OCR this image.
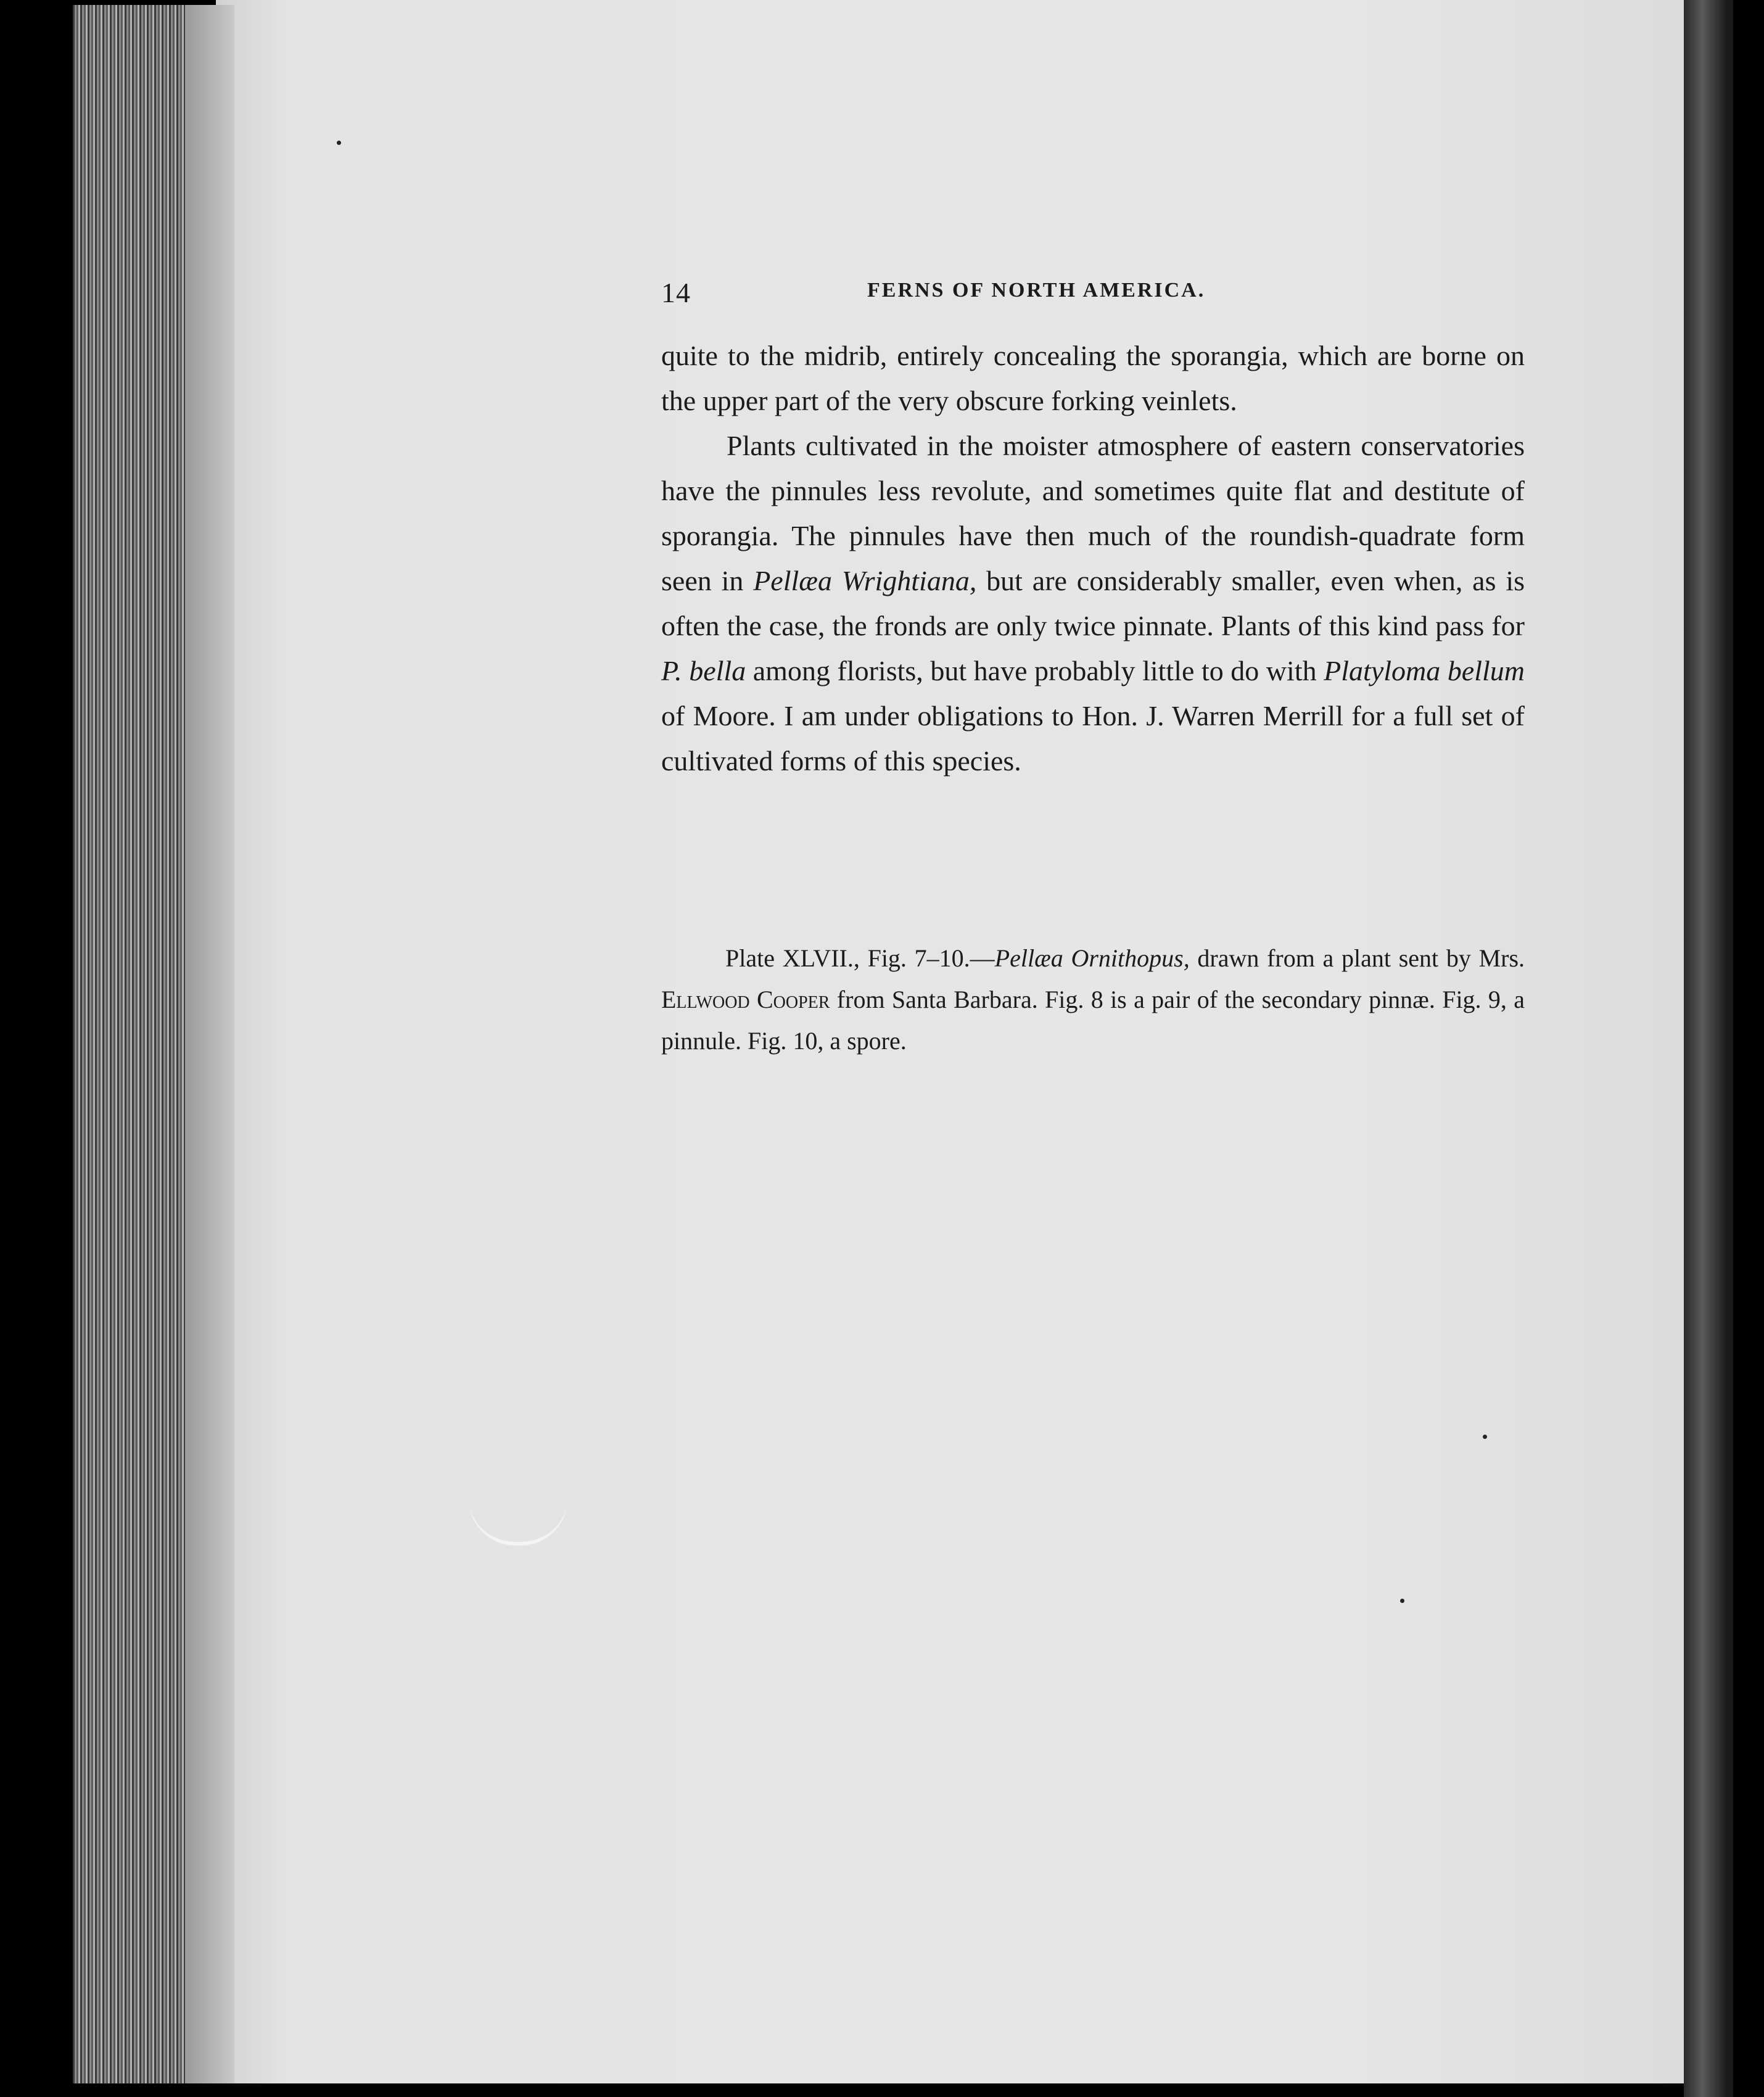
14	FERNS OF NORTH AMERICA.

quite to the midrib, entirely concealing the sporangia, which are borne on the upper part of the very obscure forking veinlets.

Plants cultivated in the moister atmosphere of eastern conservatories have the pinnules less revolute, and sometimes quite flat and destitute of sporangia. The pinnules have then much of the roundish-quadrate form seen in Pellæa Wrightiana, but are considerably smaller, even when, as is often the case, the fronds are only twice pinnate. Plants of this kind pass for P. bella among florists, but have probably little to do with Platyloma bellum of Moore. I am under obligations to Hon. J. Warren Merrill for a full set of cultivated forms of this species.

Plate XLVII., Fig. 7–10.—Pellæa Ornithopus, drawn from a plant sent by Mrs. Ellwood Cooper from Santa Barbara. Fig. 8 is a pair of the secondary pinnæ. Fig. 9, a pinnule. Fig. 10, a spore.
